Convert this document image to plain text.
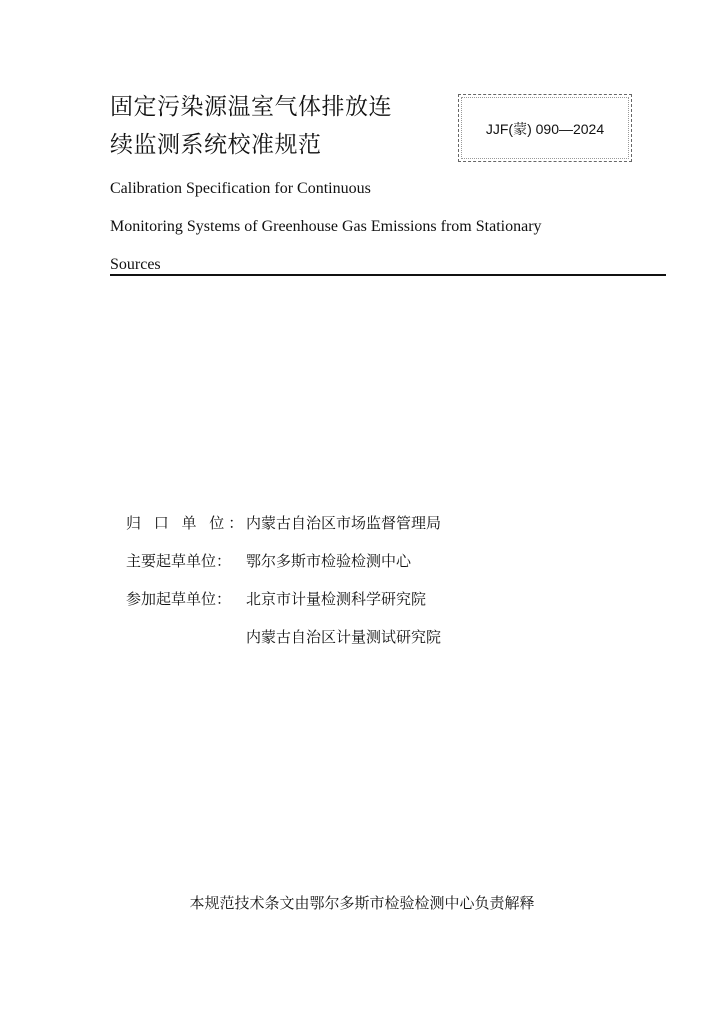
固定污染源温室气体排放连
续监测系统校准规范
JJF(蒙) 090—2024
Calibration Specification for Continuous
Monitoring Systems of Greenhouse Gas Emissions from Stationary
Sources
归 口 单 位：
内蒙古自治区市场监督管理局
主要起草单位： 鄂尔多斯市检验检测中心
参加起草单位： 北京市计量检测科学研究院
内蒙古自治区计量测试研究院
本规范技术条文由鄂尔多斯市检验检测中心负责解释
